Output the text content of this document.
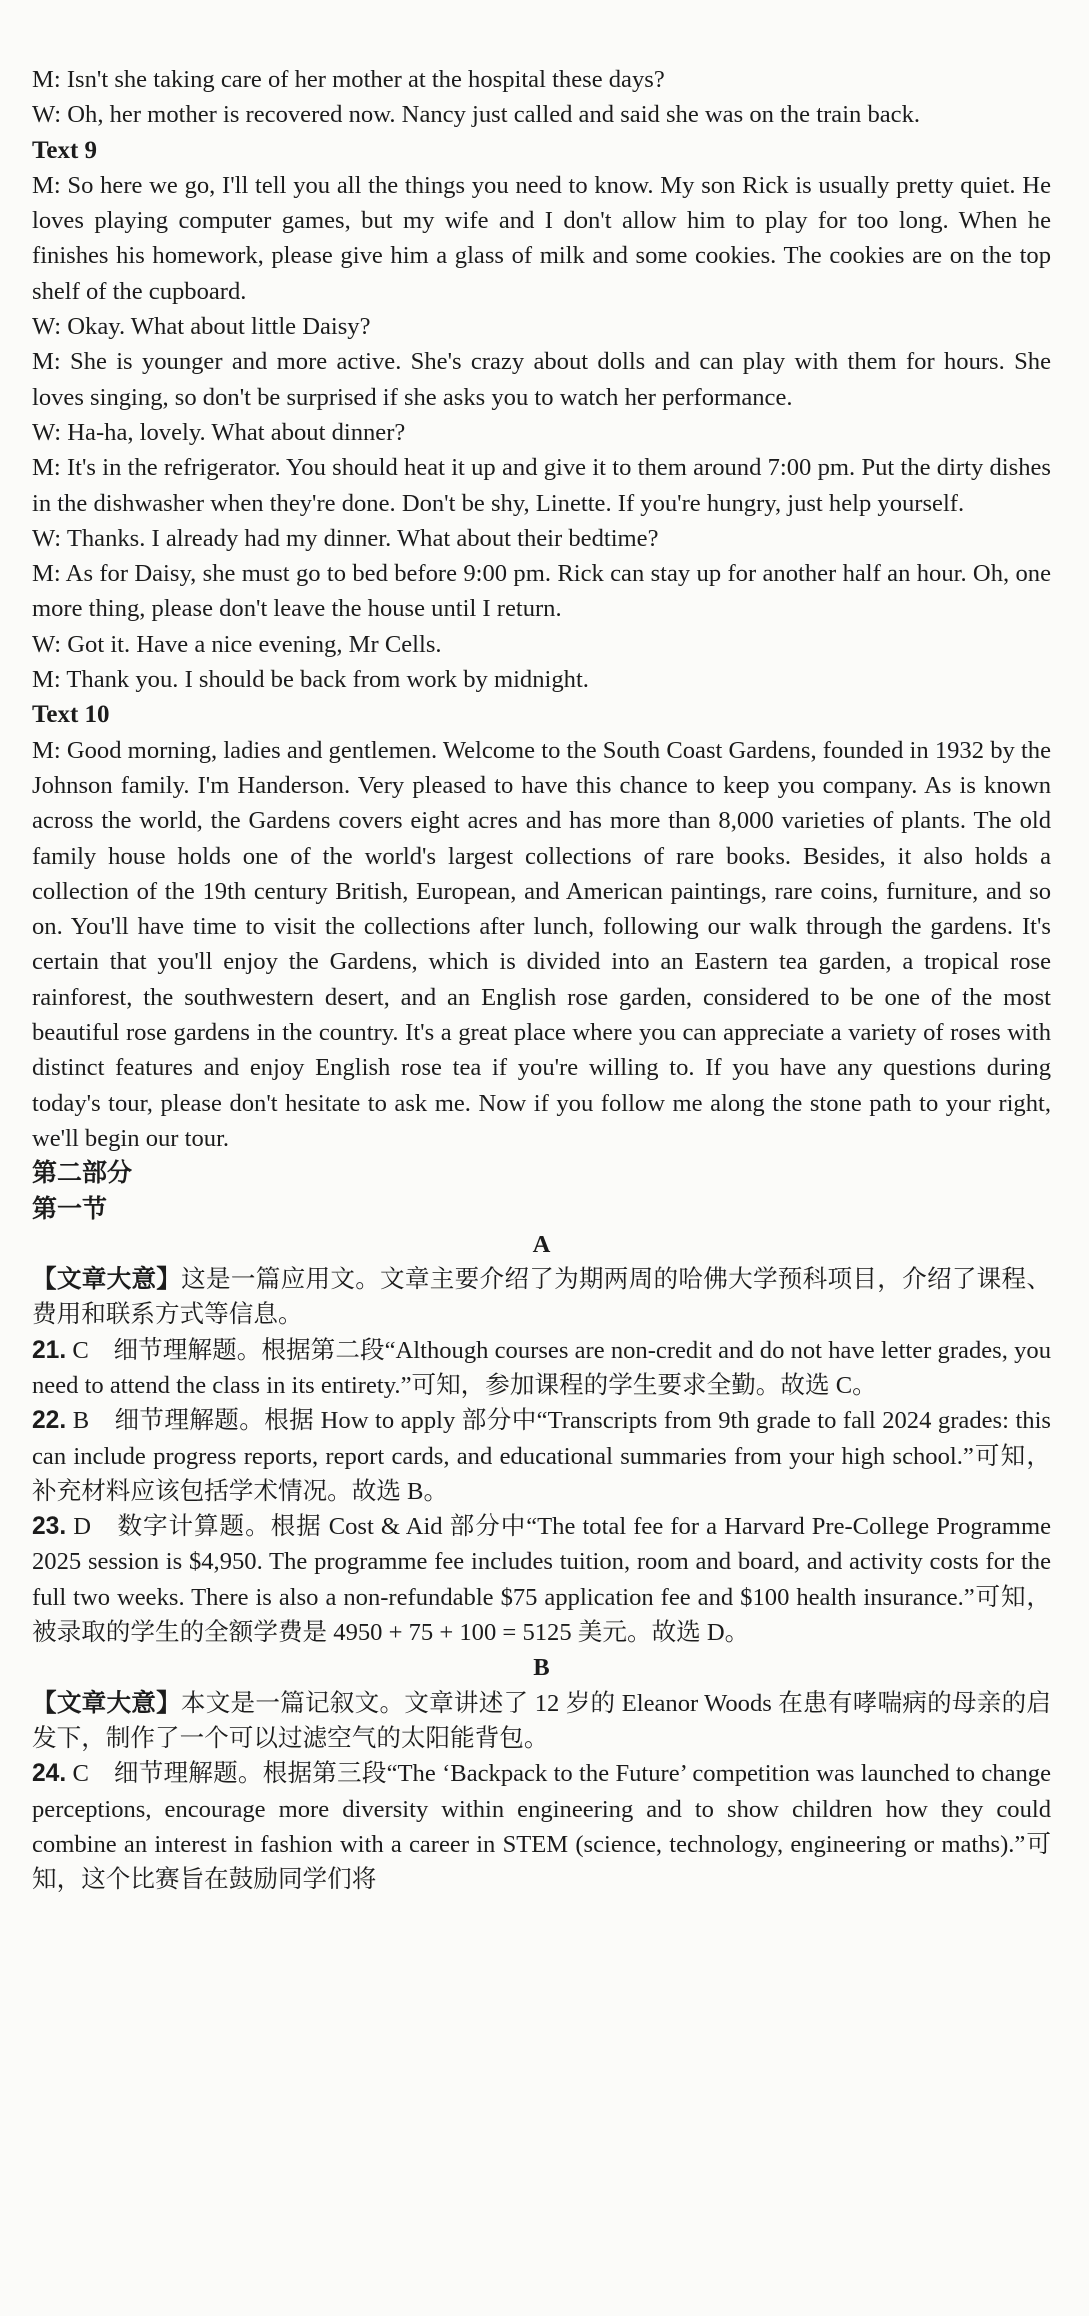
M: Isn't she taking care of her mother at the hospital these days?

W: Oh, her mother is recovered now. Nancy just called and said she was on the train back.

Text 9

M: So here we go, I'll tell you all the things you need to know. My son Rick is usually pretty quiet. He loves playing computer games, but my wife and I don't allow him to play for too long. When he finishes his homework, please give him a glass of milk and some cookies. The cookies are on the top shelf of the cupboard.

W: Okay. What about little Daisy?

M: She is younger and more active. She's crazy about dolls and can play with them for hours. She loves singing, so don't be surprised if she asks you to watch her performance.

W: Ha-ha, lovely. What about dinner?

M: It's in the refrigerator. You should heat it up and give it to them around 7:00 pm. Put the dirty dishes in the dishwasher when they're done. Don't be shy, Linette. If you're hungry, just help yourself.

W: Thanks. I already had my dinner. What about their bedtime?

M: As for Daisy, she must go to bed before 9:00 pm. Rick can stay up for another half an hour. Oh, one more thing, please don't leave the house until I return.

W: Got it. Have a nice evening, Mr Cells.

M: Thank you. I should be back from work by midnight.

Text 10

M: Good morning, ladies and gentlemen. Welcome to the South Coast Gardens, founded in 1932 by the Johnson family. I'm Handerson. Very pleased to have this chance to keep you company. As is known across the world, the Gardens covers eight acres and has more than 8,000 varieties of plants. The old family house holds one of the world's largest collections of rare books. Besides, it also holds a collection of the 19th century British, European, and American paintings, rare coins, furniture, and so on. You'll have time to visit the collections after lunch, following our walk through the gardens. It's certain that you'll enjoy the Gardens, which is divided into an Eastern tea garden, a tropical rose rainforest, the southwestern desert, and an English rose garden, considered to be one of the most beautiful rose gardens in the country. It's a great place where you can appreciate a variety of roses with distinct features and enjoy English rose tea if you're willing to. If you have any questions during today's tour, please don't hesitate to ask me. Now if you follow me along the stone path to your right, we'll begin our tour.

第二部分

第一节

A

【文章大意】这是一篇应用文。文章主要介绍了为期两周的哈佛大学预科项目，介绍了课程、费用和联系方式等信息。

21. C　细节理解题。根据第二段“Although courses are non-credit and do not have letter grades, you need to attend the class in its entirety.”可知，参加课程的学生要求全勤。故选 C。

22. B　细节理解题。根据 How to apply 部分中“Transcripts from 9th grade to fall 2024 grades: this can include progress reports, report cards, and educational summaries from your high school.”可知，补充材料应该包括学术情况。故选 B。

23. D　数字计算题。根据 Cost & Aid 部分中“The total fee for a Harvard Pre-College Programme 2025 session is $4,950. The programme fee includes tuition, room and board, and activity costs for the full two weeks. There is also a non-refundable $75 application fee and $100 health insurance.”可知，被录取的学生的全额学费是 4950 + 75 + 100 = 5125 美元。故选 D。

B

【文章大意】本文是一篇记叙文。文章讲述了 12 岁的 Eleanor Woods 在患有哮喘病的母亲的启发下，制作了一个可以过滤空气的太阳能背包。

24. C　细节理解题。根据第三段“The ‘Backpack to the Future’ competition was launched to change perceptions, encourage more diversity within engineering and to show children how they could combine an interest in fashion with a career in STEM (science, technology, engineering or maths).”可知，这个比赛旨在鼓励同学们将
